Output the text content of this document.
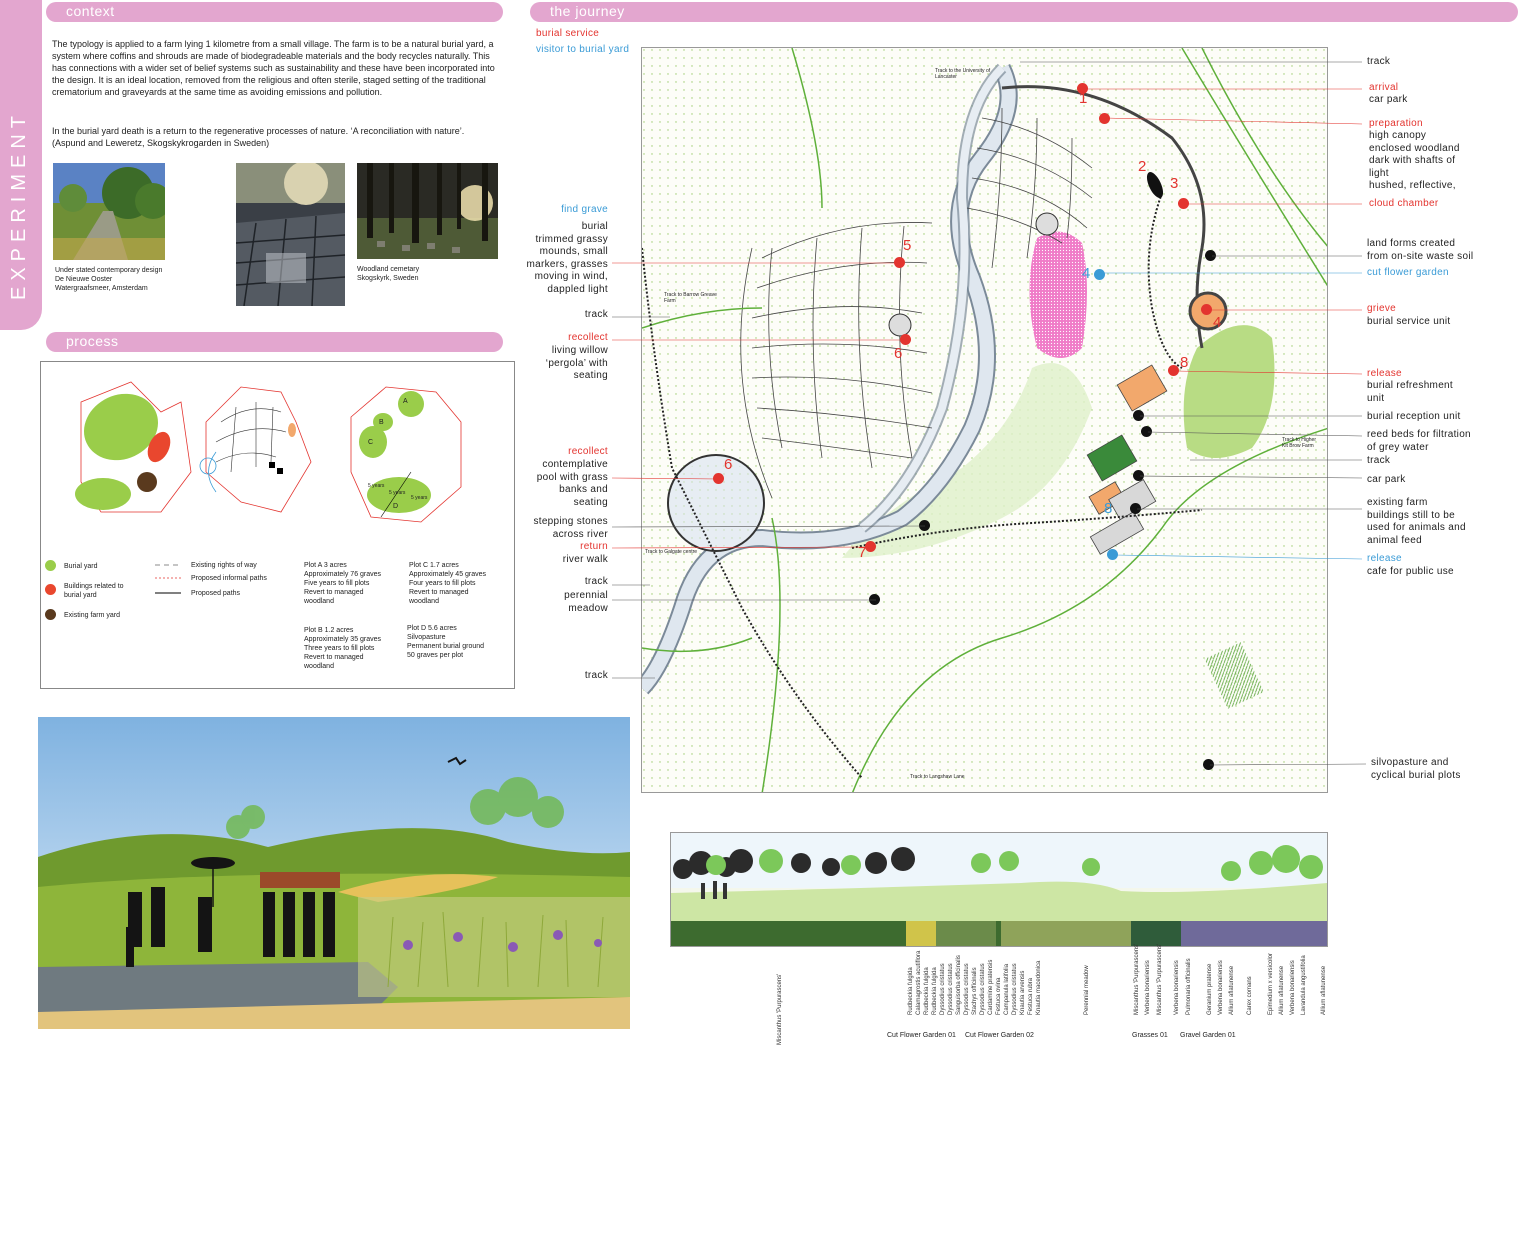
EXPERIMENT
context
The typology is applied to a farm lying 1 kilometre from a small village. The farm is to be a natural burial yard, a system where coffins and shrouds are made of biodegradeable materials and the body recycles naturally. This has connections with a wider set of belief systems such as sustainability and these have been incorporated into the design. It is an ideal location, removed from the religious and often sterile, staged setting of the traditional crematorium and graveyards at the same time as avoiding emissions and pollution.
In the burial yard death is a return to the regenerative processes of nature. ‘A reconciliation with nature’. (Aspund and Leweretz, Skogskykrogarden in Sweden)
Under stated contemporary design
De Nieuwe Ooster
Watergraafsmeer, Amsterdam
Woodland cemetary
Skogskyrk, Sweden
process
A
B
C
D
5 years
5 years
5 years
Burial yard
Buildings related to
burial yard
Existing farm yard
Existing rights of way
Proposed informal paths
Proposed paths
Plot A 3 acres
Approximately 76 graves
Five years to fill plots
Revert to managed
woodland
Plot C 1.7 acres
Approximately 45 graves
Four years to fill plots
Revert to managed
woodland
Plot B 1.2 acres
Approximately 35 graves
Three years to fill plots
Revert to managed
woodland
Plot D 5.6 acres
Silvopasture
Permanent burial ground
50 graves per plot
the journey
burial service
visitor to burial yard
Track to the University of Lancaster
Track to Barrow Greave Farm
Track to Galgate centre
Track to Langshaw Lane
Track to Higher Kit Brow Farm
1
2
3
4
4
5
6
6
7
8
8
find grave
burial
trimmed grassy
mounds, small
markers, grasses
moving in wind,
dappled light
track
recollect
living willow
‘pergola’ with
seating
recollect
contemplative
pool with grass
banks and
seating
stepping stones
across river
return
river walk
track
perennial
meadow
track
track
arrival
car park
preparation
high canopy
enclosed woodland
dark with shafts of
light
hushed, reflective,
cloud chamber
land forms created
from on-site waste soil
cut flower garden
grieve
burial service unit
release
burial refreshment
unit
burial reception unit
reed beds for filtration
of grey water
track
car park
existing farm
buildings still to be
used for animals and
animal feed
release
cafe for public use
silvopasture and
cyclical burial plots
Miscanthus 'Purpurascens'	Rudbeckia fulgida Calamagrostis acutiflora Rudbeckia fulgida Rudbeckia fulgida Dyssodius cristatus Dyssodius cristatus Sanguisorba officinalis Dyssodius cristatus Stachys officinalis Dyssodius cristatus Cardamine pratensis Festuca ovina Campanula latifolia Dyssodius cristatus Knautia arvensis Festuca rubra Knautia macedonica	Perennial meadow	Miscanthus 'Purpurascens' Verbena bonariensis Miscanthus 'Purpurascens' Verbena bonariensis Pulmonaria officinalis	Geranium pratense Verbena bonariensis Allium aflatunense Carex comans	Epimedium x versicolor Allium aflatunense Verbena bonariensis Lavandula angustifolia Allium aflatunense
Cut Flower Garden 01 Cut Flower Garden 02	Grasses 01 Gravel Garden 01
